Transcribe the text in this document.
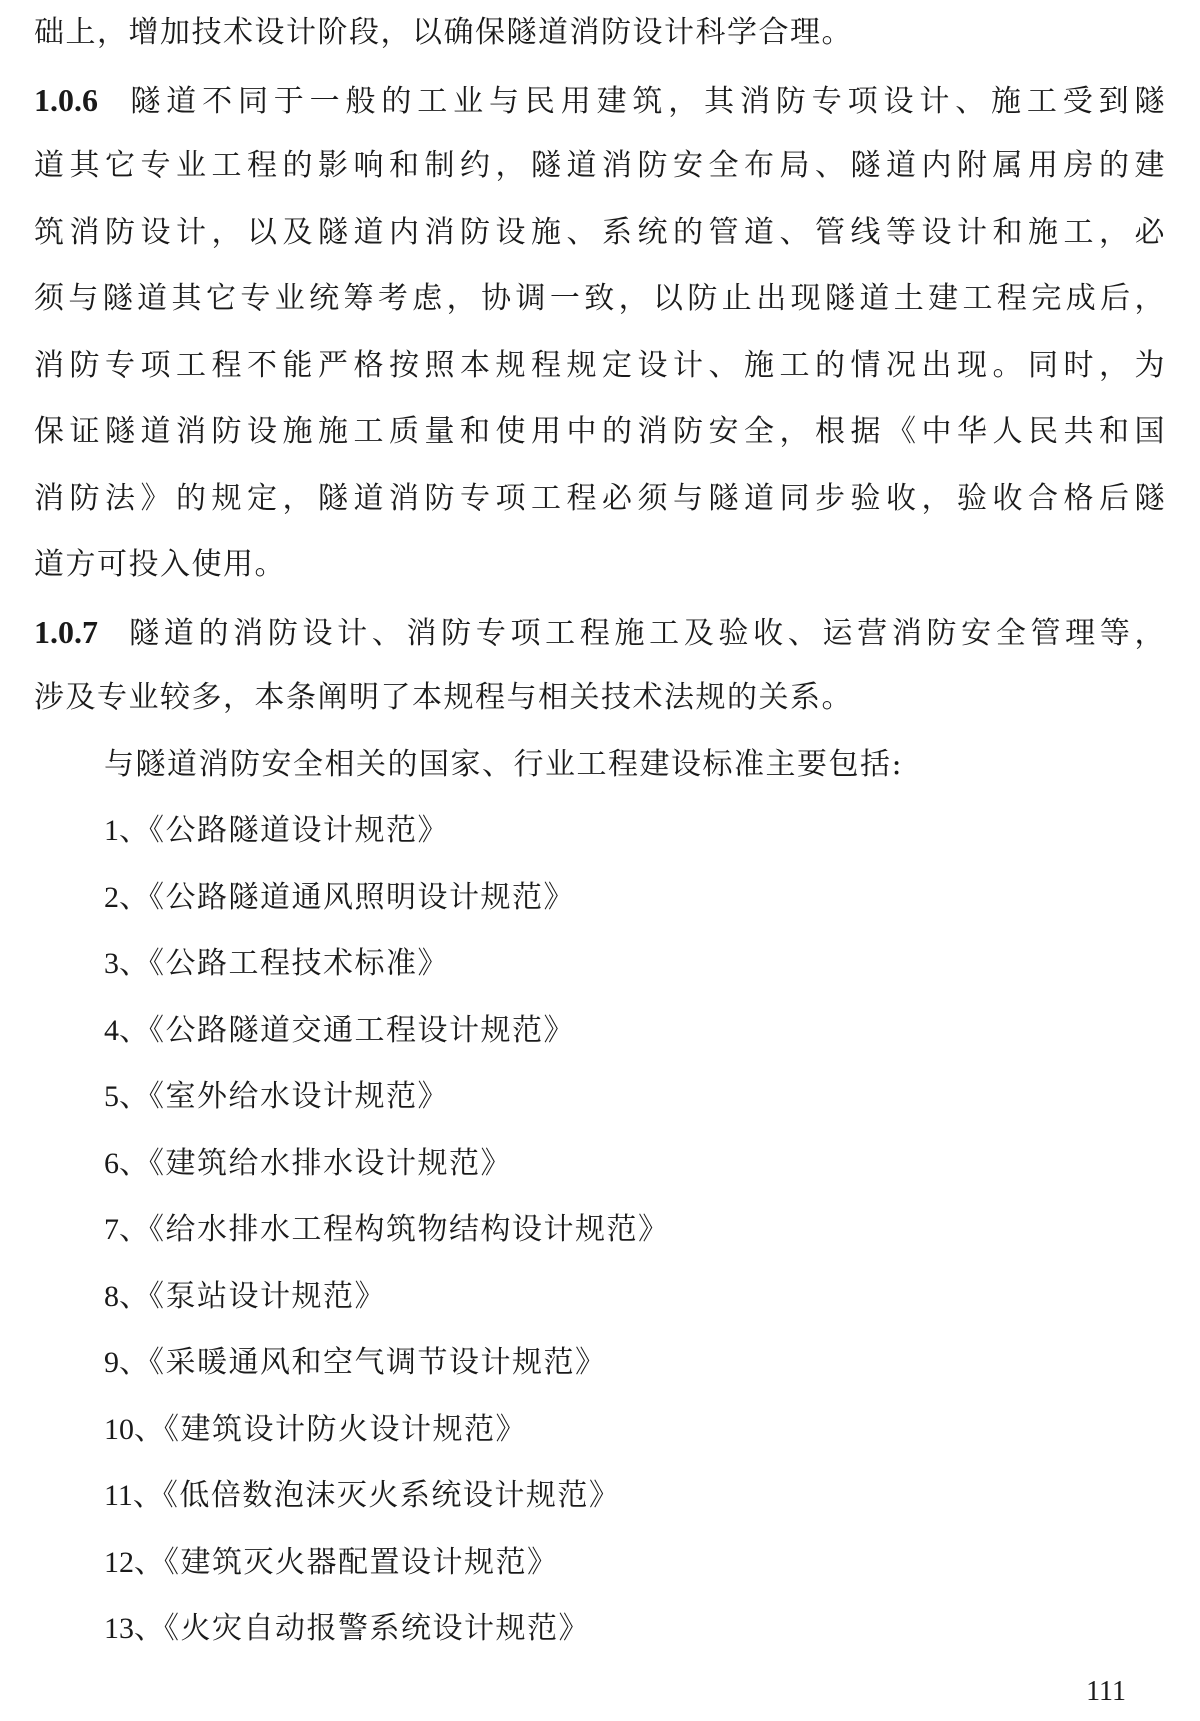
础上，增加技术设计阶段，以确保隧道消防设计科学合理。
1.0.6 隧道不同于一般的工业与民用建筑，其消防专项设计、施工受到隧
道其它专业工程的影响和制约，隧道消防安全布局、隧道内附属用房的建
筑消防设计，以及隧道内消防设施、系统的管道、管线等设计和施工，必
须与隧道其它专业统筹考虑，协调一致，以防止出现隧道土建工程完成后，
消防专项工程不能严格按照本规程规定设计、施工的情况出现。同时，为
保证隧道消防设施施工质量和使用中的消防安全，根据《中华人民共和国
消防法》的规定，隧道消防专项工程必须与隧道同步验收，验收合格后隧
道方可投入使用。
1.0.7 隧道的消防设计、消防专项工程施工及验收、运营消防安全管理等，
涉及专业较多，本条阐明了本规程与相关技术法规的关系。
与隧道消防安全相关的国家、行业工程建设标准主要包括:
1、《公路隧道设计规范》
2、《公路隧道通风照明设计规范》
3、《公路工程技术标准》
4、《公路隧道交通工程设计规范》
5、《室外给水设计规范》
6、《建筑给水排水设计规范》
7、《给水排水工程构筑物结构设计规范》
8、《泵站设计规范》
9、《采暖通风和空气调节设计规范》
10、《建筑设计防火设计规范》
11、《低倍数泡沫灭火系统设计规范》
12、《建筑灭火器配置设计规范》
13、《火灾自动报警系统设计规范》
111
